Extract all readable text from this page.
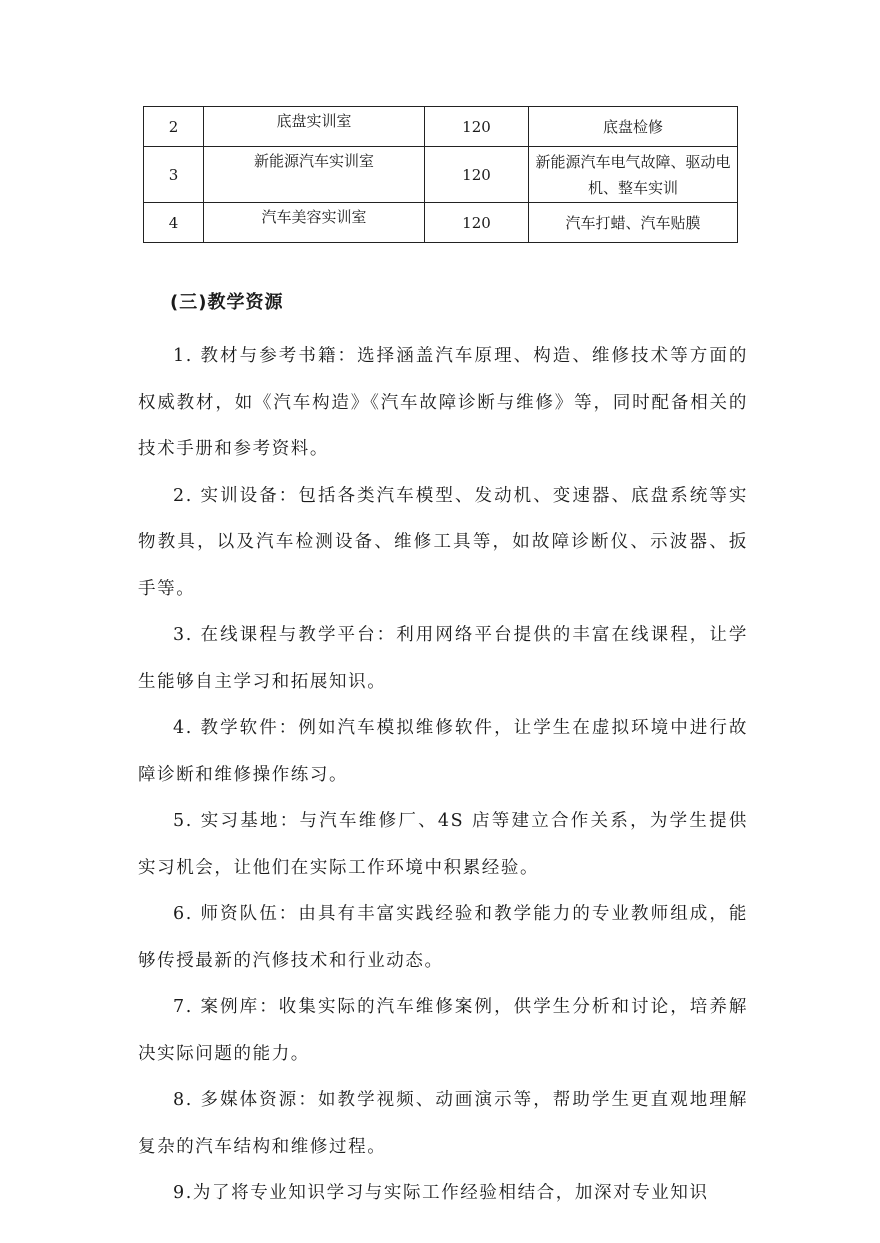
2	底盘实训室	120	底盘检修
3	新能源汽车实训室	120	新能源汽车电气故障、驱动电机、整车实训
4	汽车美容实训室	120	汽车打蜡、汽车贴膜
(三)教学资源

1. 教材与参考书籍：选择涵盖汽车原理、构造、维修技术等方面的权威教材，如《汽车构造》《汽车故障诊断与维修》等，同时配备相关的技术手册和参考资料。

2. 实训设备：包括各类汽车模型、发动机、变速器、底盘系统等实物教具，以及汽车检测设备、维修工具等，如故障诊断仪、示波器、扳手等。

3. 在线课程与教学平台：利用网络平台提供的丰富在线课程，让学生能够自主学习和拓展知识。

4. 教学软件：例如汽车模拟维修软件，让学生在虚拟环境中进行故障诊断和维修操作练习。

5. 实习基地：与汽车维修厂、4S 店等建立合作关系，为学生提供实习机会，让他们在实际工作环境中积累经验。

6. 师资队伍：由具有丰富实践经验和教学能力的专业教师组成，能够传授最新的汽修技术和行业动态。

7. 案例库：收集实际的汽车维修案例，供学生分析和讨论，培养解决实际问题的能力。

8. 多媒体资源：如教学视频、动画演示等，帮助学生更直观地理解复杂的汽车结构和维修过程。

9.为了将专业知识学习与实际工作经验相结合，加深对专业知识
